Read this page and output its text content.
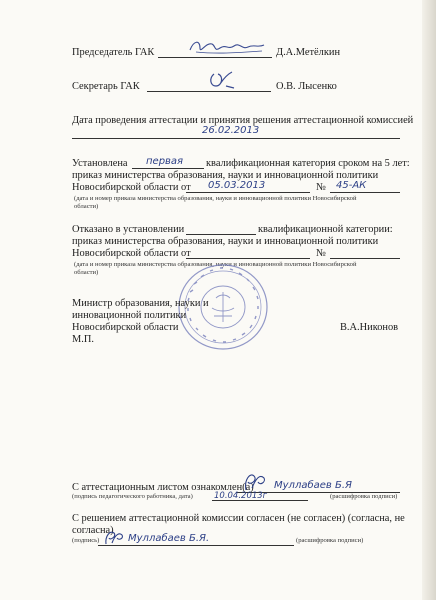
Председатель ГАК	Д.А.Метёлкин
Секретарь ГАК	О.В. Лысенко
Дата проведения аттестации и принятия решения аттестационной комиссией
26.02.2013
Установлена первая квалификационная категория сроком на 5 лет:
приказ министерства образования, науки и инновационной политики
Новосибирской области от 05.03.2013	№ 45-АК
(дата и номер приказа министерства образования, науки и инновационной политики Новосибирской
области)
Отказано в установлении	квалификационной категории:
приказ министерства образования, науки и инновационной политики
Новосибирской области от	№
(дата и номер приказа министерства образования, науки и инновационной политики Новосибирской
области)
Министр образования, науки и
инновационной политики
Новосибирской области	В.А.Никонов
М.П.
С аттестационным листом ознакомлен(а) Муллабаев Б.Я
(подпись педагогического работника, дата) 10.04.2013г	(расшифровка подписи)
С решением аттестационной комиссии согласен (не согласен) (согласна, не
согласна)
(подпись)	Муллабаев Б.Я.	(расшифровка подписи)
